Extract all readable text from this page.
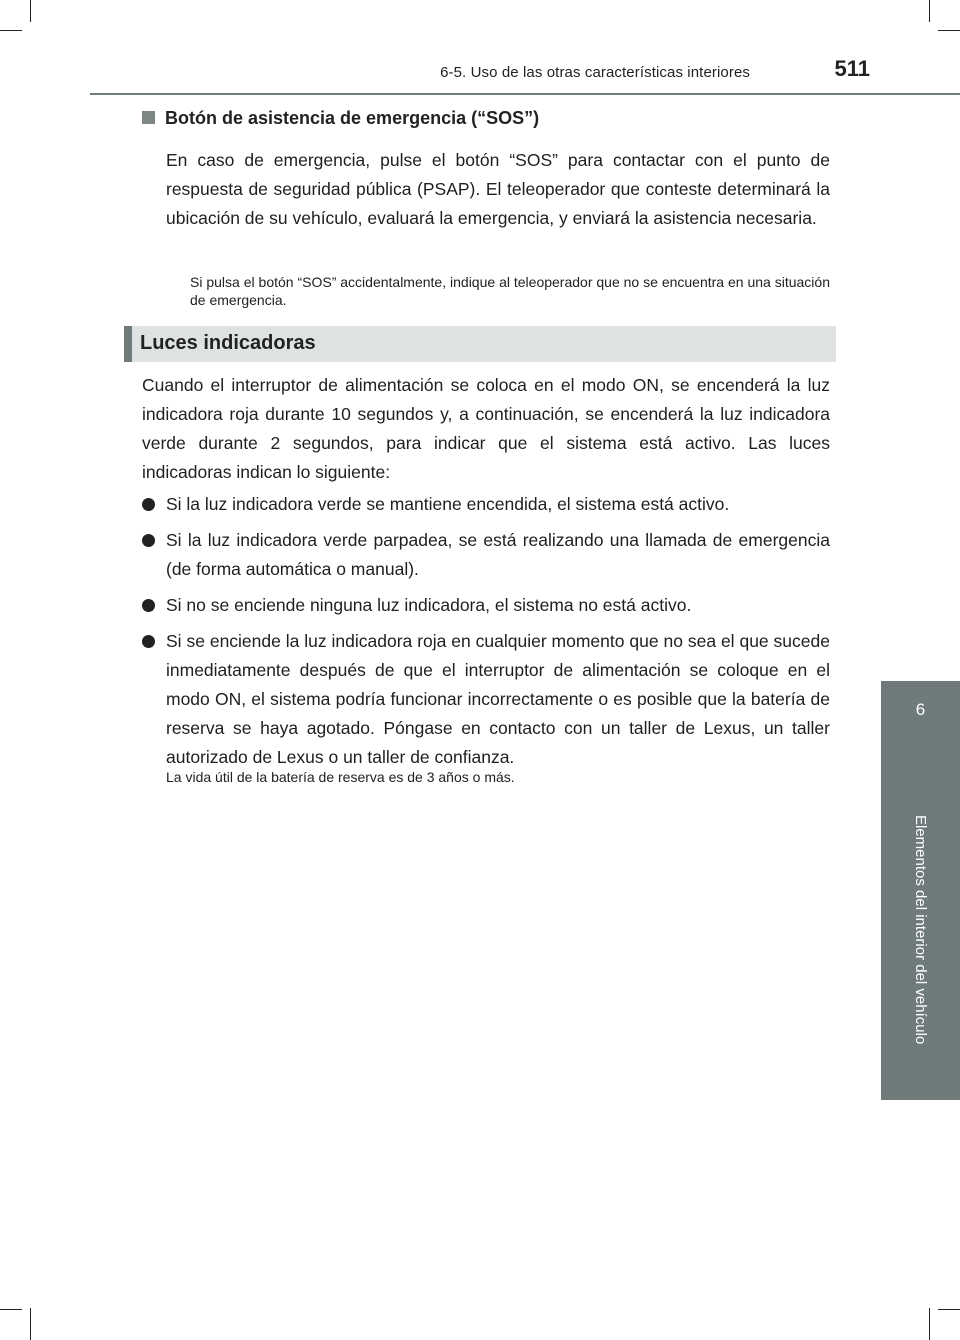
6-5. Uso de las otras características interiores	511
6
Elementos del interior del vehículo
Botón de asistencia de emergencia (“SOS”)
En caso de emergencia, pulse el botón “SOS” para contactar con el punto de respuesta de seguridad pública (PSAP). El teleoperador que conteste determinará la ubicación de su vehículo, evaluará la emergencia, y enviará la asistencia necesaria.
Si pulsa el botón “SOS” accidentalmente, indique al teleoperador que no se encuentra en una situación de emergencia.
Luces indicadoras
Cuando el interruptor de alimentación se coloca en el modo ON, se encenderá la luz indicadora roja durante 10 segundos y, a continuación, se encenderá la luz indicadora verde durante 2 segundos, para indicar que el sistema está activo. Las luces indicadoras indican lo siguiente:
Si la luz indicadora verde se mantiene encendida, el sistema está activo.
Si la luz indicadora verde parpadea, se está realizando una llamada de emergencia (de forma automática o manual).
Si no se enciende ninguna luz indicadora, el sistema no está activo.
Si se enciende la luz indicadora roja en cualquier momento que no sea el que sucede inmediatamente después de que el interruptor de alimentación se coloque en el modo ON, el sistema podría funcionar incorrectamente o es posible que la batería de reserva se haya agotado. Póngase en contacto con un taller de Lexus, un taller autorizado de Lexus o un taller de confianza.
La vida útil de la batería de reserva es de 3 años o más.
